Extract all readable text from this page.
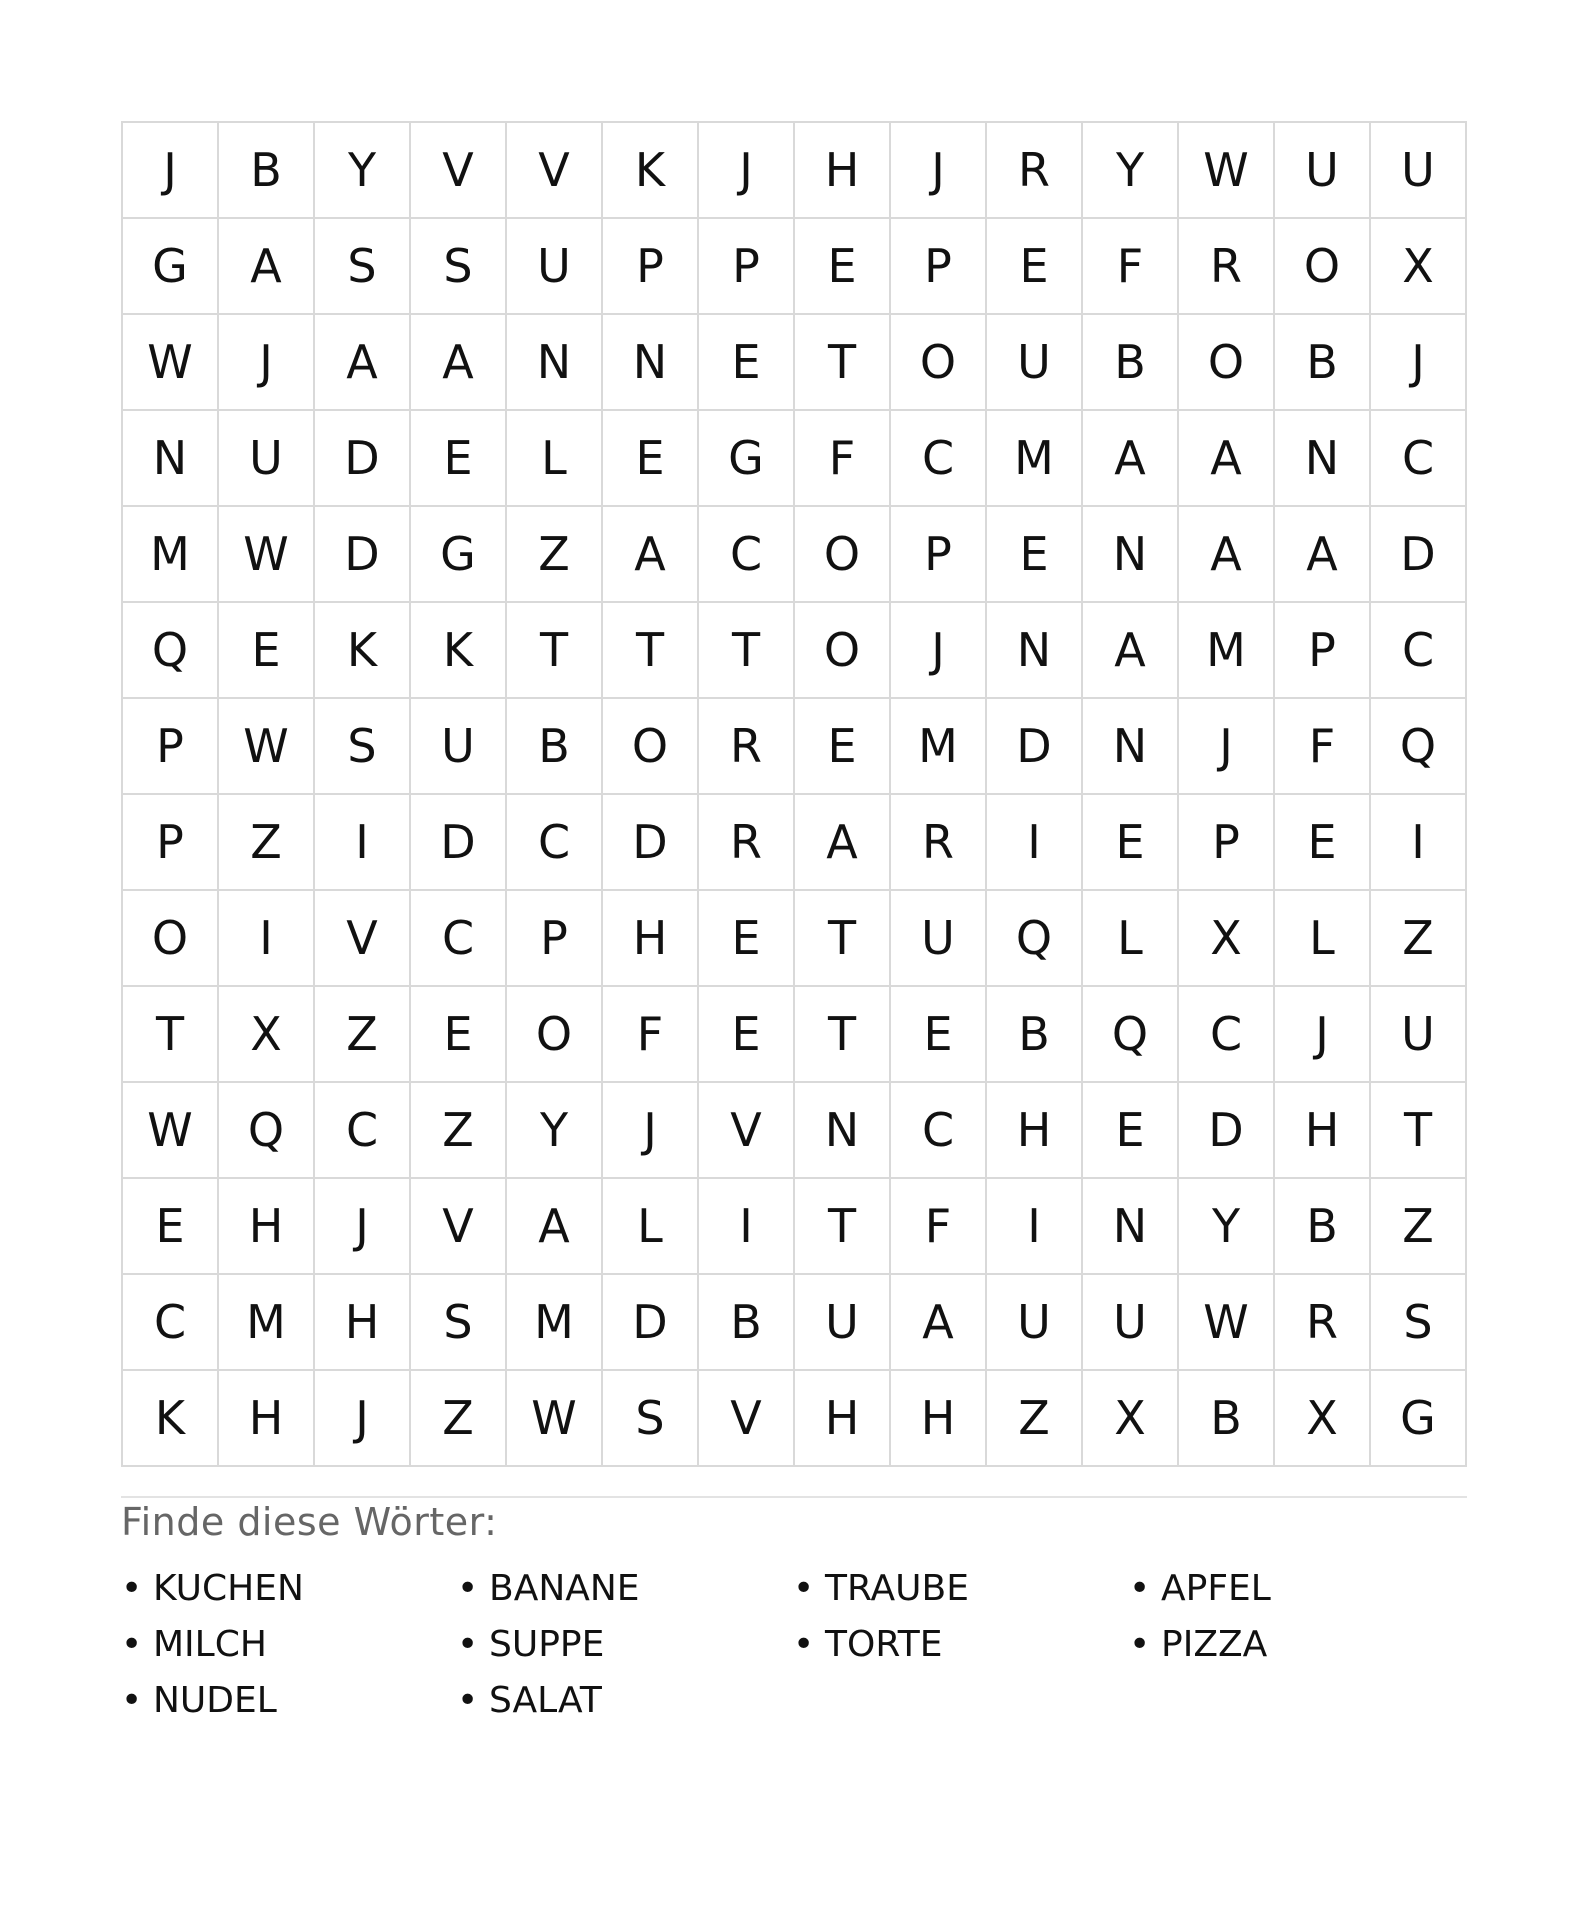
J	B	Y	V	V	K	J	H	J	R	Y	W	U	U
G	A	S	S	U	P	P	E	P	E	F	R	O	X
W	J	A	A	N	N	E	T	O	U	B	O	B	J
N	U	D	E	L	E	G	F	C	M	A	A	N	C
M	W	D	G	Z	A	C	O	P	E	N	A	A	D
Q	E	K	K	T	T	T	O	J	N	A	M	P	C
P	W	S	U	B	O	R	E	M	D	N	J	F	Q
P	Z	I	D	C	D	R	A	R	I	E	P	E	I
O	I	V	C	P	H	E	T	U	Q	L	X	L	Z
T	X	Z	E	O	F	E	T	E	B	Q	C	J	U
W	Q	C	Z	Y	J	V	N	C	H	E	D	H	T
E	H	J	V	A	L	I	T	F	I	N	Y	B	Z
C	M	H	S	M	D	B	U	A	U	U	W	R	S
K	H	J	Z	W	S	V	H	H	Z	X	B	X	G
Finde diese Wörter:
• KUCHEN	• BANANE	• TRAUBE	• APFEL
• MILCH	• SUPPE	• TORTE	• PIZZA
• NUDEL	• SALAT
